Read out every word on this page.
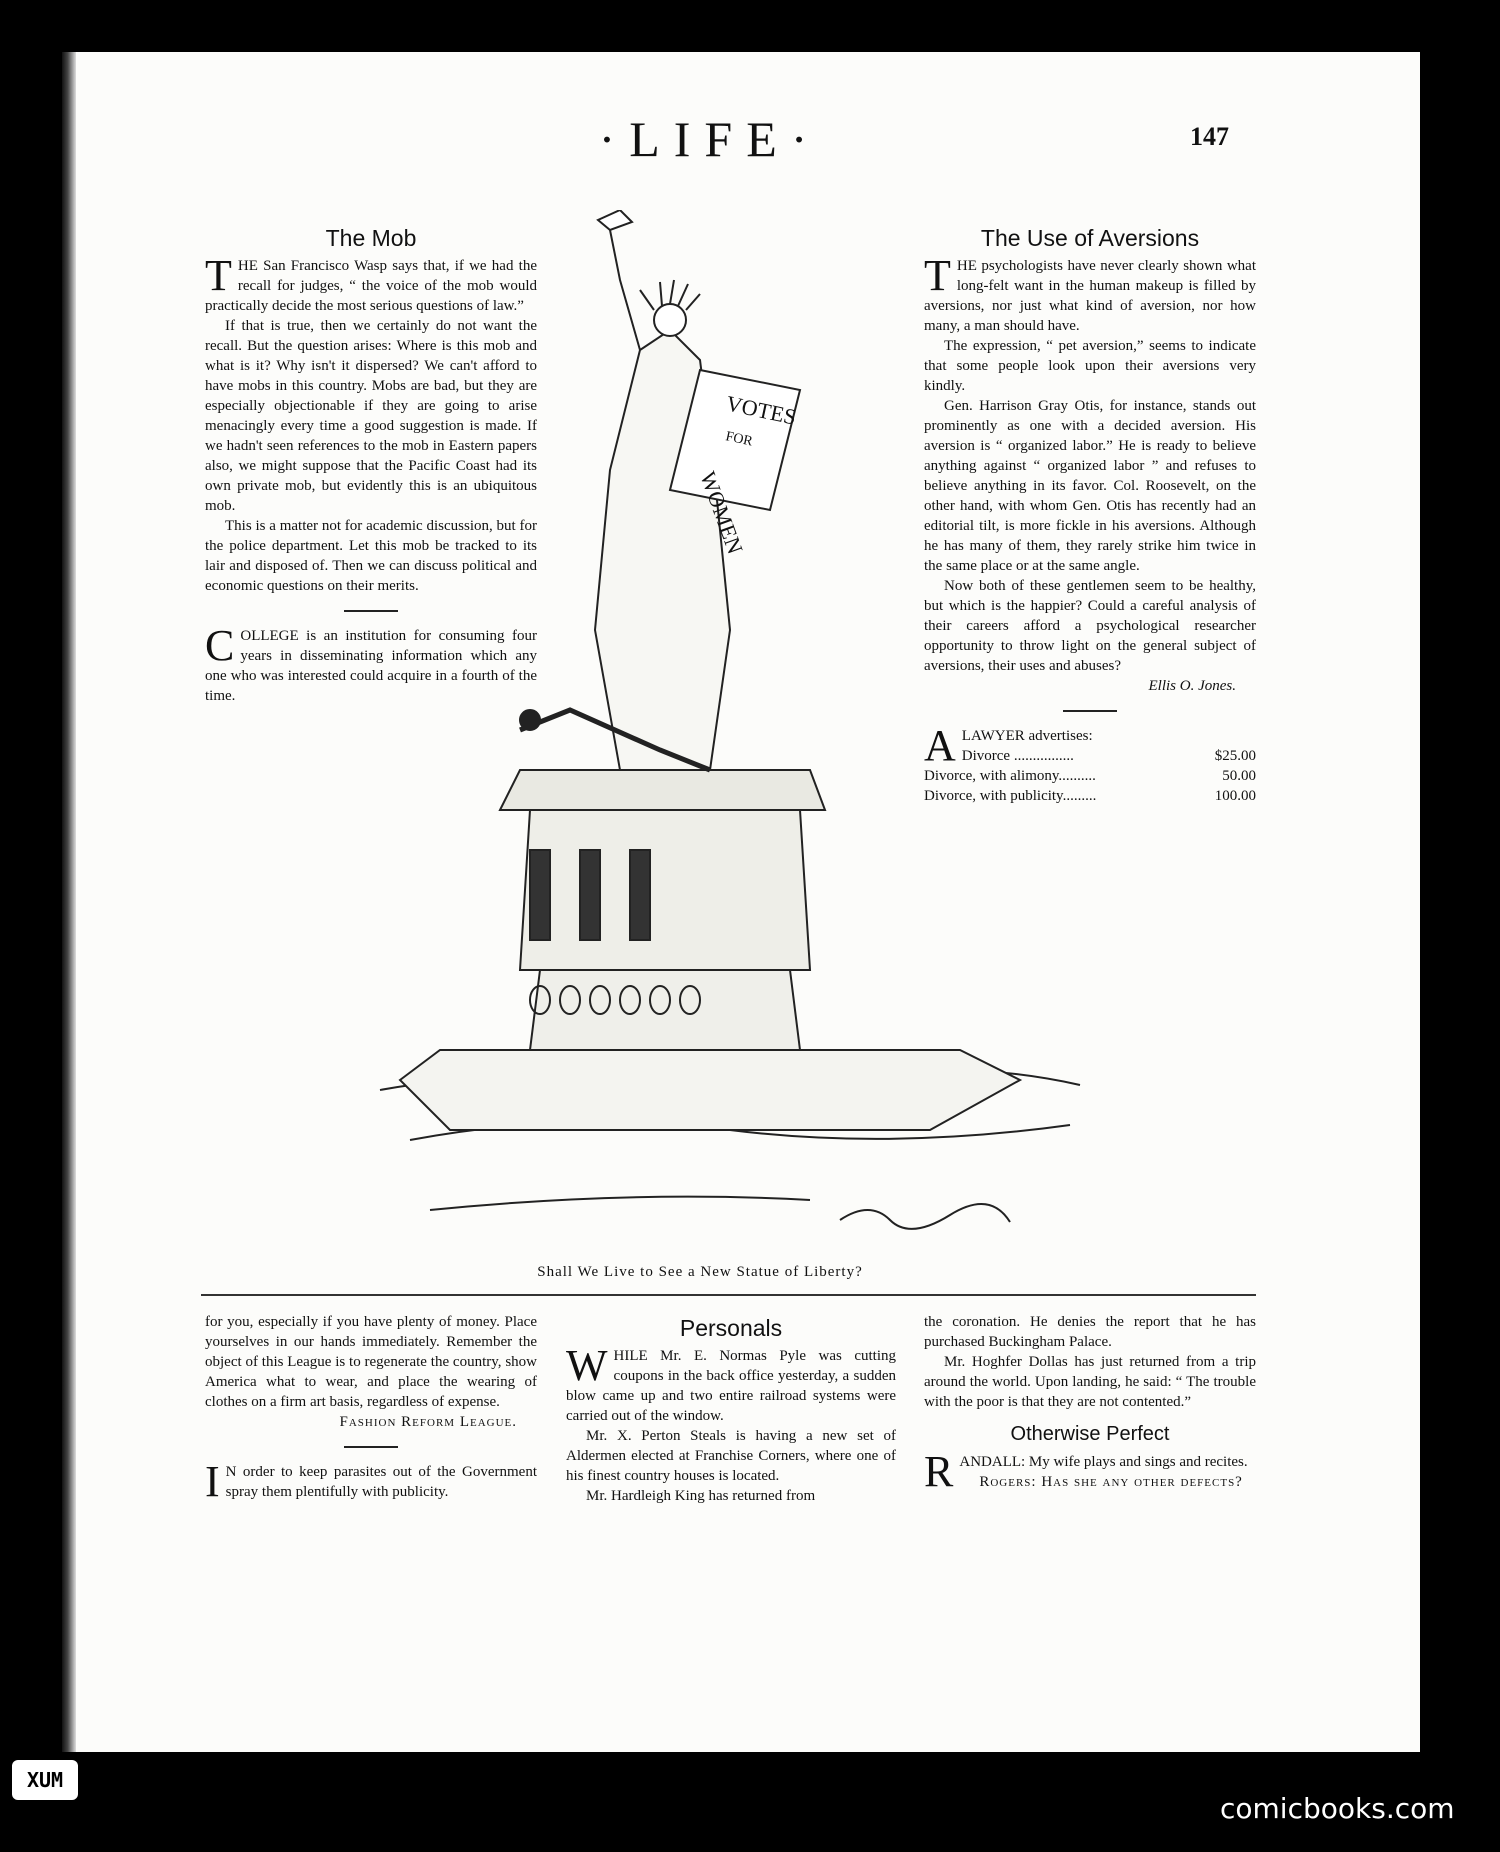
·LIFE·	147
The Mob

THE San Francisco Wasp says that, if we had the recall for judges, “ the voice of the mob would practically decide the most serious questions of law.”

If that is true, then we certainly do not want the recall. But the question arises: Where is this mob and what is it? Why isn't it dispersed? We can't afford to have mobs in this country. Mobs are bad, but they are especially objectionable if they are going to arise menacingly every time a good suggestion is made. If we hadn't seen references to the mob in Eastern papers also, we might suppose that the Pacific Coast had its own private mob, but evidently this is an ubiquitous mob.

This is a matter not for academic discussion, but for the police department. Let this mob be tracked to its lair and disposed of. Then we can discuss political and economic questions on their merits.

COLLEGE is an institution for consuming four years in disseminating information which any one who was interested could acquire in a fourth of the time.

VOTES
FOR
WOMEN
Shall We Live to See a New Statue of Liberty?
The Use of Aversions

THE psychologists have never clearly shown what long-felt want in the human makeup is filled by aversions, nor just what kind of aversion, nor how many, a man should have.

The expression, “ pet aversion,” seems to indicate that some people look upon their aversions very kindly.

Gen. Harrison Gray Otis, for instance, stands out prominently as one with a decided aversion. His aversion is “ organized labor.” He is ready to believe anything against “ organized labor ” and refuses to believe anything in its favor. Col. Roosevelt, on the other hand, with whom Gen. Otis has recently had an editorial tilt, is more fickle in his aversions. Although he has many of them, they rarely strike him twice in the same place or at the same angle.

Now both of these gentlemen seem to be healthy, but which is the happier? Could a careful analysis of their careers afford a psychological researcher opportunity to throw light on the general subject of aversions, their uses and abuses?

Ellis O. Jones.
A LAWYER advertises:
Divorce ................	$25.00
Divorce, with alimony..........	50.00
Divorce, with publicity.........	100.00

for you, especially if you have plenty of money. Place yourselves in our hands immediately. Remember the object of this League is to regenerate the country, show America what to wear, and place the wearing of clothes on a firm art basis, regardless of expense.

Fashion Reform League.

I N order to keep parasites out of the Government spray them plentifully with publicity.

Personals

WHILE Mr. E. Normas Pyle was cutting coupons in the back office yesterday, a sudden blow came up and two entire railroad systems were carried out of the window.

Mr. X. Perton Steals is having a new set of Aldermen elected at Franchise Corners, where one of his finest country houses is located.

Mr. Hardleigh King has returned from

the coronation. He denies the report that he has purchased Buckingham Palace.

Mr. Hoghfer Dollas has just returned from a trip around the world. Upon landing, he said: “ The trouble with the poor is that they are not contented.”

Otherwise Perfect

RANDALL: My wife plays and sings and recites.

Rogers: Has she any other defects?

XUM
comicbooks.com
